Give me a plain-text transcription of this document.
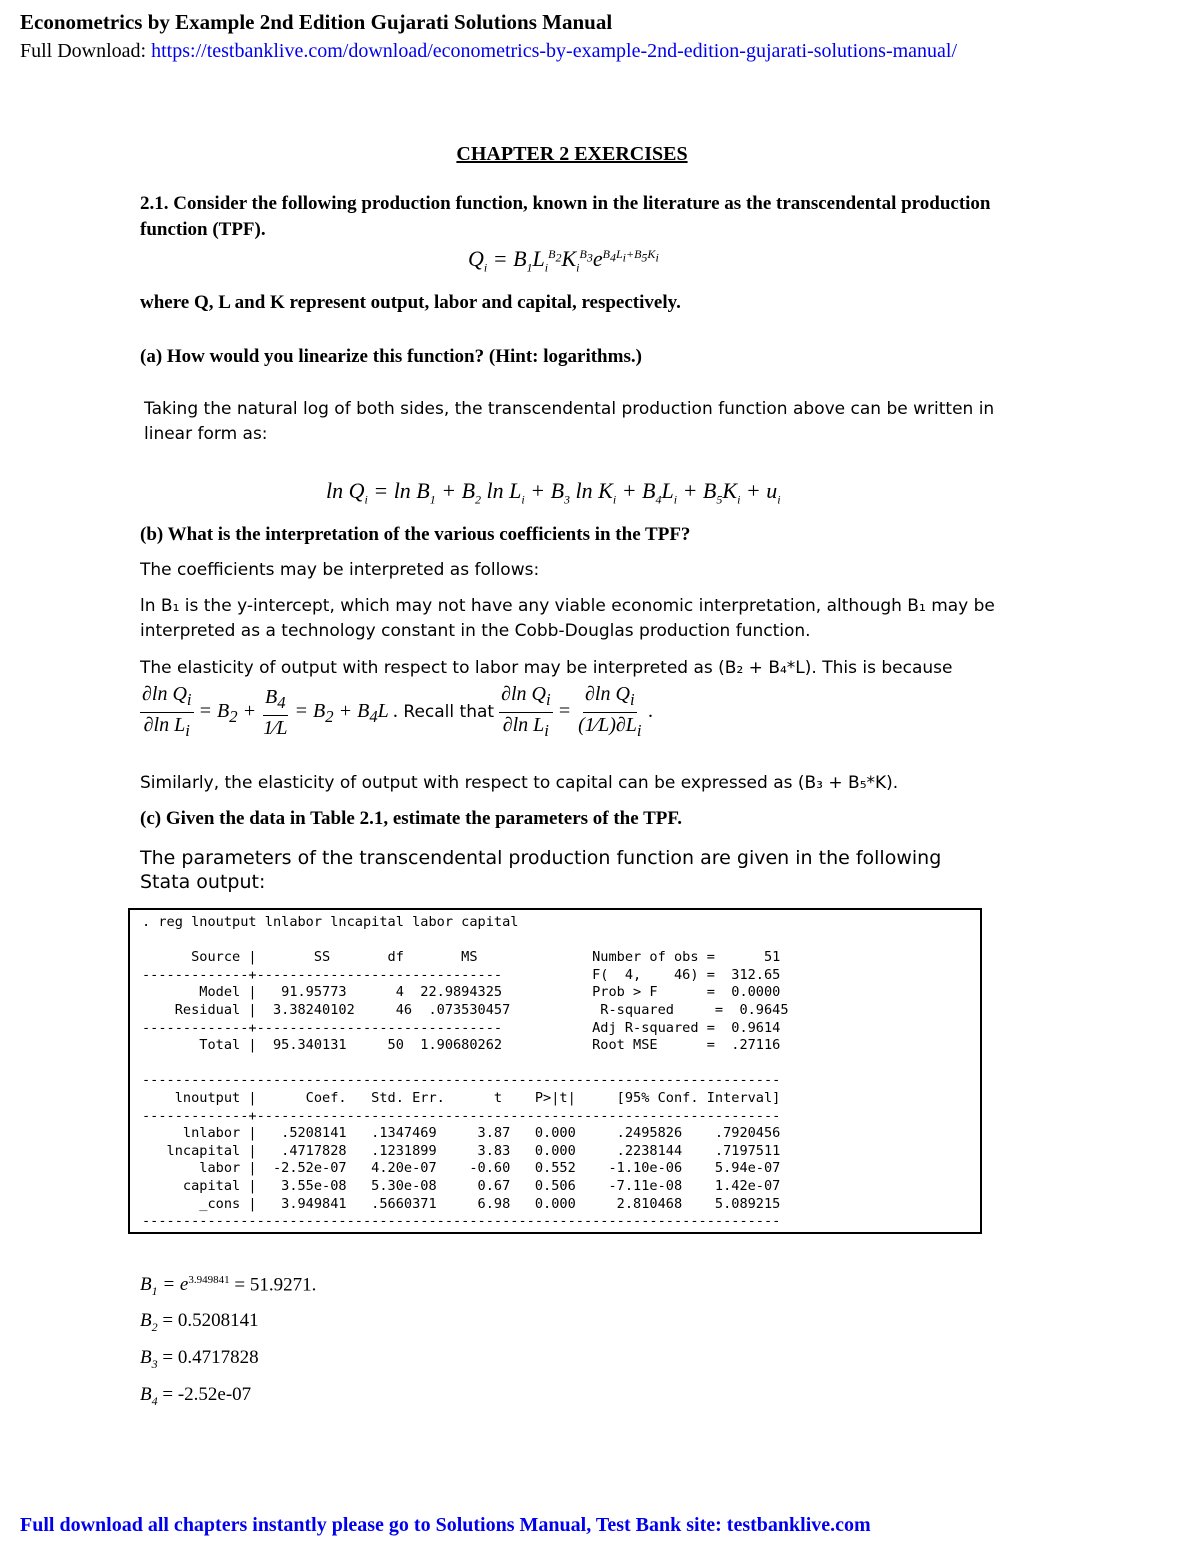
Econometrics by Example 2nd Edition Gujarati Solutions Manual
Full Download: https://testbanklive.com/download/econometrics-by-example-2nd-edition-gujarati-solutions-manual/
CHAPTER 2 EXERCISES
2.1. Consider the following production function, known in the literature as the transcendental production function (TPF).
$Q_i = B_1L_i^{B_2}K_i^{B_3}e^{B_4L_i+B_5K_i}$
where Q, L and K represent output, labor and capital, respectively.
(a) How would you linearize this function? (Hint: logarithms.)
Taking the natural log of both sides, the transcendental production function above can be written in linear form as:
$\ln Q_i = \ln B_1 + B_2$ $\ln L_i + B_3$ $\ln K_i + B_4L_i + B_5K_i + u_i$
(b) What is the interpretation of the various coefficients in the TPF?
The coefficients may be interpreted as follows:
ln B₁ is the y-intercept, which may not have any viable economic interpretation, although B₁ may be interpreted as a technology constant in the Cobb-Douglas production function.
The elasticity of output with respect to labor may be interpreted as (B₂ + B₄*L). This is because
$\frac{\partial\ln Q_i}{\partial\ln L_i} = B_2 + \frac{B_4}{1⁄L} = B_2 + B_4L$ . Recall that $\frac{\partial\ln Q_i}{\partial\ln L_i} = \frac{\partial\ln Q_i}{(1⁄L)\partial L_i}$ .
Similarly, the elasticity of output with respect to capital can be expressed as (B₃ + B₅*K).
(c) Given the data in Table 2.1, estimate the parameters of the TPF.
The parameters of the transcendental production function are given in the following Stata output:
. reg lnoutput lnlabor lncapital labor capital

Source |       SS       df       MS              Number of obs =      51
-------------+------------------------------           F(  4,    46) =  312.65
Model |   91.95773      4  22.9894325           Prob > F      =  0.0000
Residual |  3.38240102     46  .073530457           R-squared     =  0.9645
-------------+------------------------------           Adj R-squared =  0.9614
Total |  95.340131     50  1.90680262           Root MSE      =  .27116

------------------------------------------------------------------------------
lnoutput |      Coef.   Std. Err.      t    P>|t|     [95% Conf. Interval]
-------------+----------------------------------------------------------------
lnlabor |   .5208141   .1347469     3.87   0.000     .2495826    .7920456
lncapital |   .4717828   .1231899     3.83   0.000     .2238144    .7197511
labor |  -2.52e-07   4.20e-07    -0.60   0.552    -1.10e-06    5.94e-07
capital |   3.55e-08   5.30e-08     0.67   0.506    -7.11e-08    1.42e-07
_cons |   3.949841   .5660371     6.98   0.000     2.810468    5.089215
------------------------------------------------------------------------------
$B_1 = e^{3.949841} = 51.9271$.
$B_2 = 0.5208141$
$B_3 = 0.4717828$
$B_4 = -2.52e-07$
Full download all chapters instantly please go to Solutions Manual, Test Bank site: testbanklive.com
